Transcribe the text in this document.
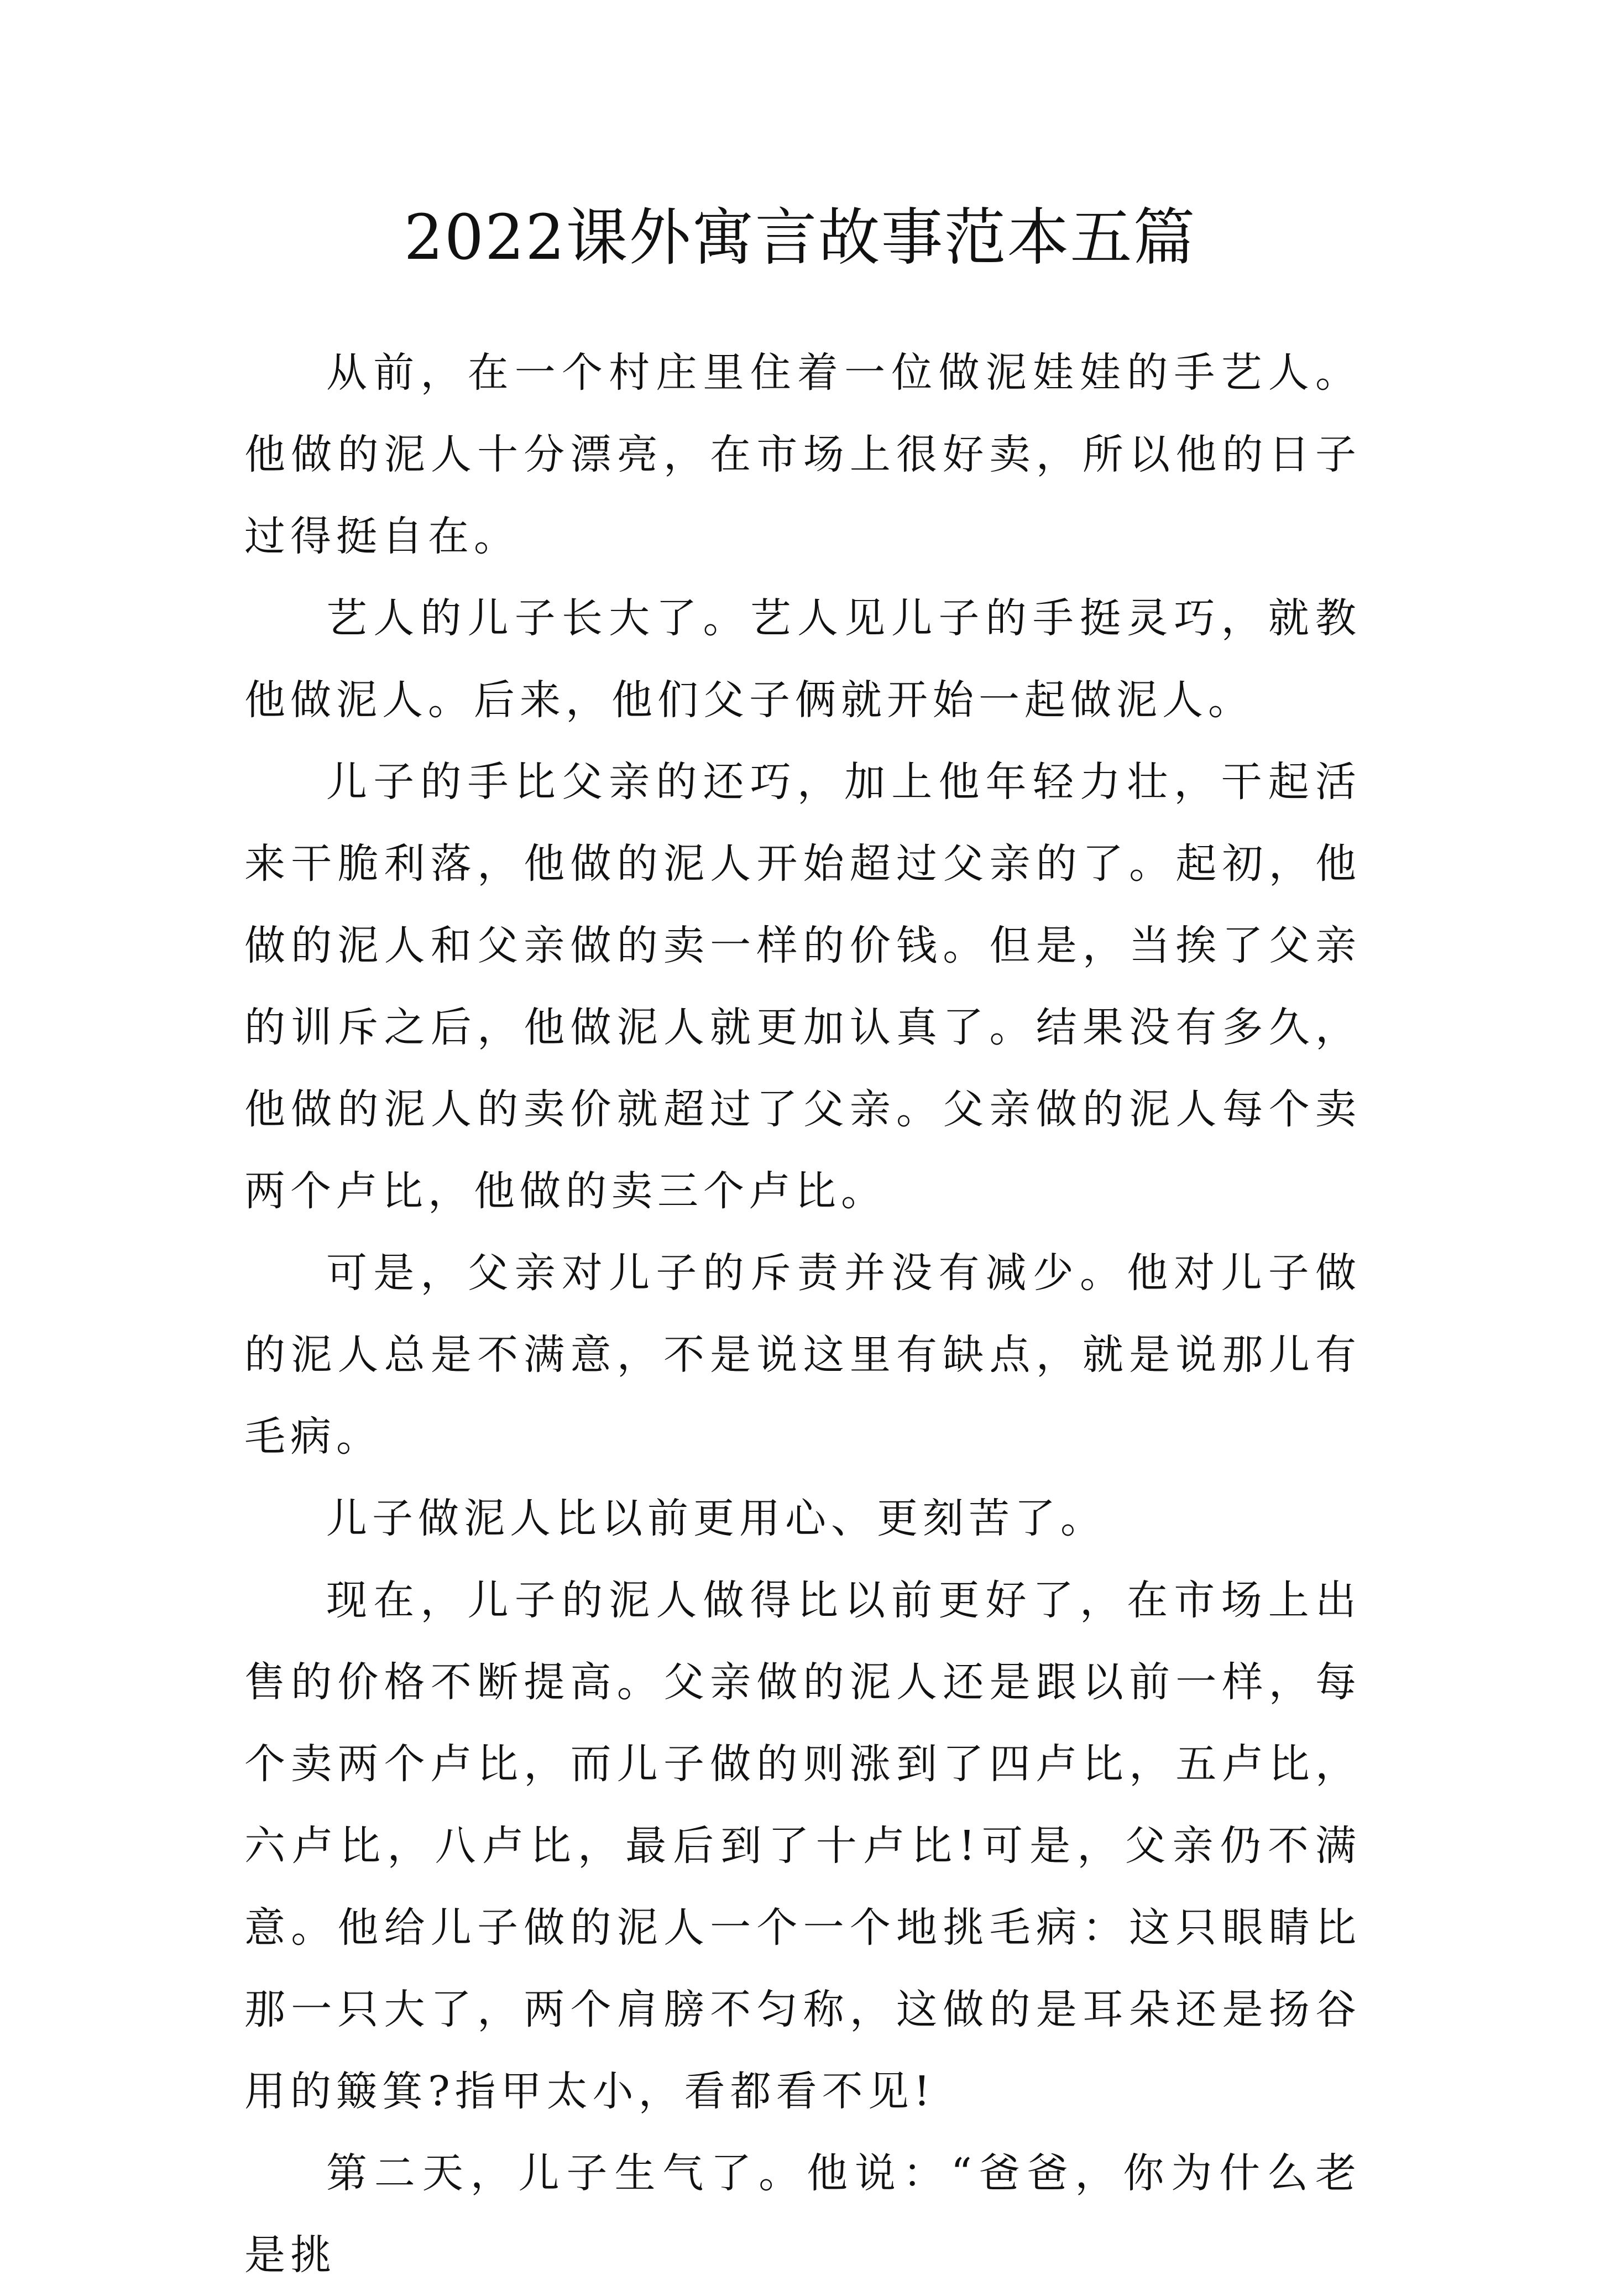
2022课外寓言故事范本五篇

从前，在一个村庄里住着一位做泥娃娃的手艺人。他做的泥人十分漂亮，在市场上很好卖，所以他的日子过得挺自在。

艺人的儿子长大了。艺人见儿子的手挺灵巧，就教他做泥人。后来，他们父子俩就开始一起做泥人。

儿子的手比父亲的还巧，加上他年轻力壮，干起活来干脆利落，他做的泥人开始超过父亲的了。起初，他做的泥人和父亲做的卖一样的价钱。但是，当挨了父亲的训斥之后，他做泥人就更加认真了。结果没有多久，他做的泥人的卖价就超过了父亲。父亲做的泥人每个卖两个卢比，他做的卖三个卢比。

可是，父亲对儿子的斥责并没有减少。他对儿子做的泥人总是不满意，不是说这里有缺点，就是说那儿有毛病。

儿子做泥人比以前更用心、更刻苦了。

现在，儿子的泥人做得比以前更好了，在市场上出售的价格不断提高。父亲做的泥人还是跟以前一样，每个卖两个卢比，而儿子做的则涨到了四卢比，五卢比，六卢比，八卢比，最后到了十卢比!可是，父亲仍不满意。他给儿子做的泥人一个一个地挑毛病：这只眼睛比那一只大了，两个肩膀不匀称，这做的是耳朵还是扬谷用的簸箕?指甲太小，看都看不见!

第二天，儿子生气了。他说：“爸爸，你为什么老是挑
